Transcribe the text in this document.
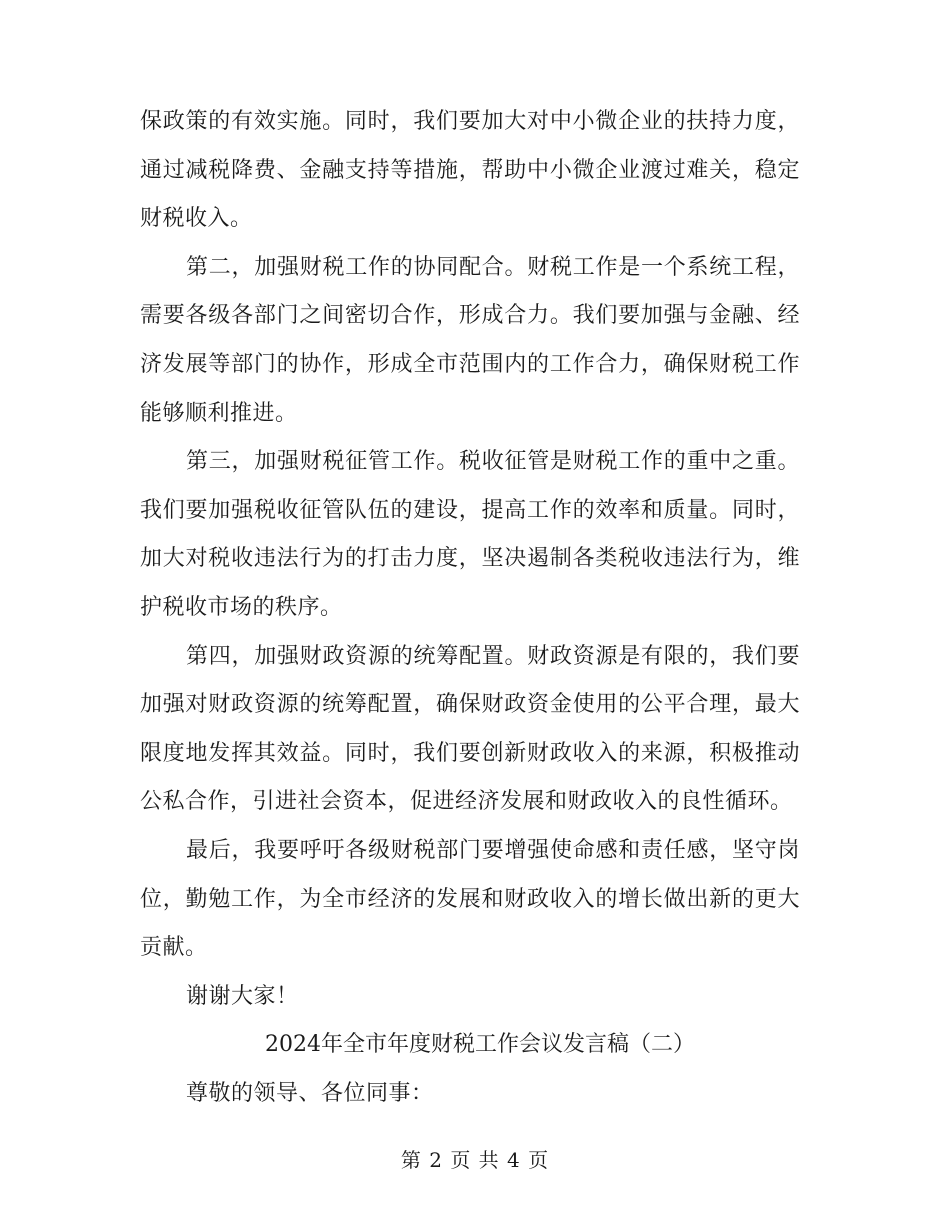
保政策的有效实施。同时，我们要加大对中小微企业的扶持力度，通过减税降费、金融支持等措施，帮助中小微企业渡过难关，稳定财税收入。

第二，加强财税工作的协同配合。财税工作是一个系统工程，需要各级各部门之间密切合作，形成合力。我们要加强与金融、经济发展等部门的协作，形成全市范围内的工作合力，确保财税工作能够顺利推进。

第三，加强财税征管工作。税收征管是财税工作的重中之重。我们要加强税收征管队伍的建设，提高工作的效率和质量。同时，加大对税收违法行为的打击力度，坚决遏制各类税收违法行为，维护税收市场的秩序。

第四，加强财政资源的统筹配置。财政资源是有限的，我们要加强对财政资源的统筹配置，确保财政资金使用的公平合理，最大限度地发挥其效益。同时，我们要创新财政收入的来源，积极推动公私合作，引进社会资本，促进经济发展和财政收入的良性循环。

最后，我要呼吁各级财税部门要增强使命感和责任感，坚守岗位，勤勉工作，为全市经济的发展和财政收入的增长做出新的更大贡献。

谢谢大家！

2024年全市年度财税工作会议发言稿（二）

尊敬的领导、各位同事：

第 2 页 共 4 页
